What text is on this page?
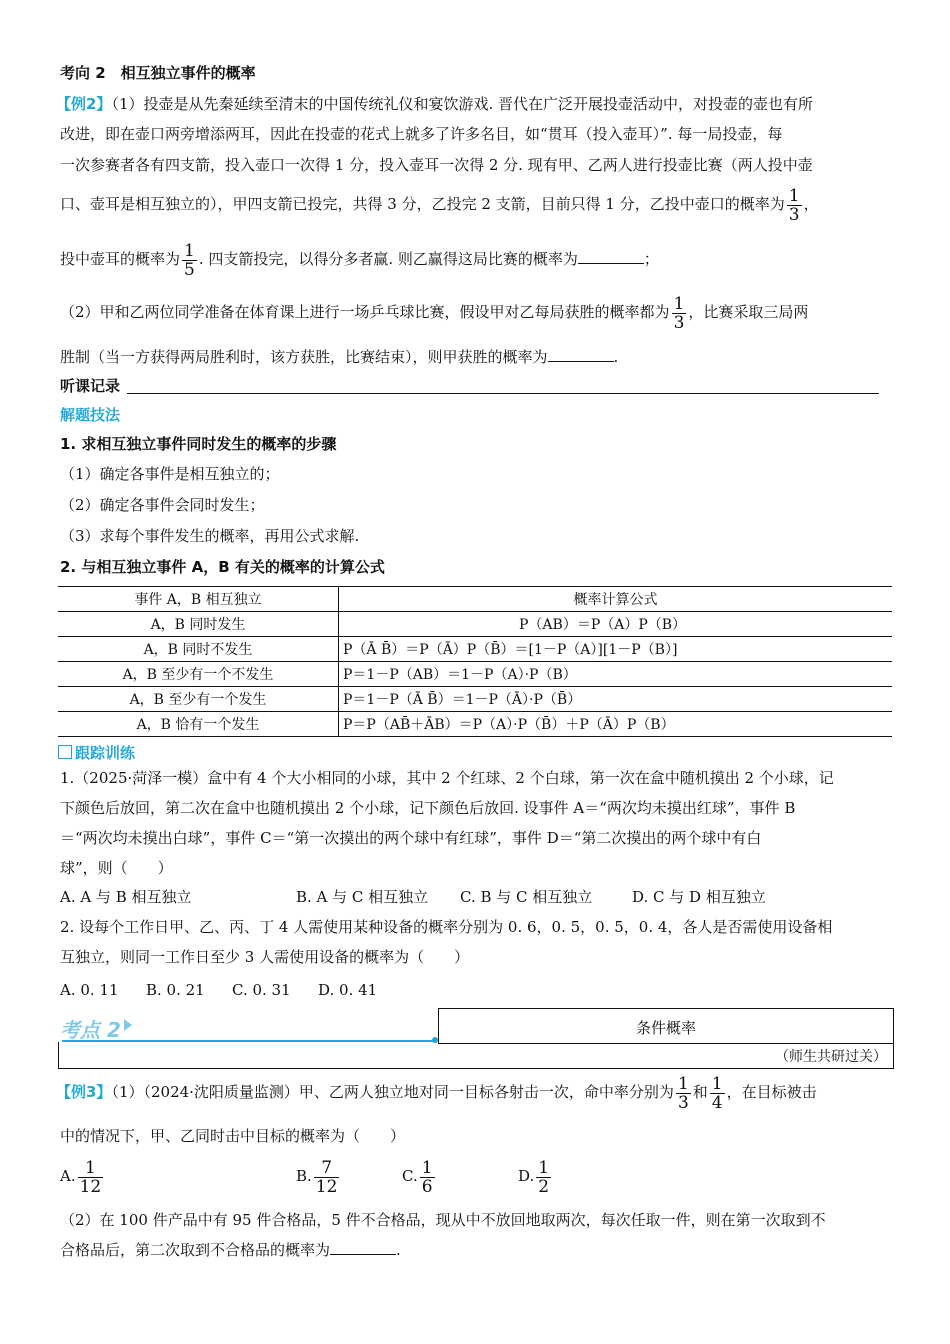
考向 2　相互独立事件的概率
【例2】（1）投壶是从先秦延续至清末的中国传统礼仪和宴饮游戏. 晋代在广泛开展投壶活动中，对投壶的壶也有所
改进，即在壶口两旁增添两耳，因此在投壶的花式上就多了许多名目，如“贯耳（投入壶耳）”. 每一局投壶，每
一次参赛者各有四支箭，投入壶口一次得 1 分，投入壶耳一次得 2 分. 现有甲、乙两人进行投壶比赛（两人投中壶
口、壶耳是相互独立的），甲四支箭已投完，共得 3 分，乙投完 2 支箭，目前只得 1 分，乙投中壶口的概率为 $\frac{1}{3}$ ，
投中壶耳的概率为 $\frac{1}{5}$ . 四支箭投完，以得分多者赢. 则乙赢得这局比赛的概率为	；
（2）甲和乙两位同学准备在体育课上进行一场乒乓球比赛，假设甲对乙每局获胜的概率都为 $\frac{1}{3}$ ，比赛采取三局两
胜制（当一方获得两局胜利时，该方获胜，比赛结束），则甲获胜的概率为	.
听课记录
解题技法
1. 求相互独立事件同时发生的概率的步骤
（1）确定各事件是相互独立的；
（2）确定各事件会同时发生；
（3）求每个事件发生的概率，再用公式求解.
2. 与相互独立事件 A，B 有关的概率的计算公式
事件 A，B 相互独立	概率计算公式
A，B 同时发生	P（AB）＝P（A）P（B）
A，B 同时不发生	P（Ā B̄）＝P（Ā）P（B̄）＝[1－P（A）][1－P（B）]
A，B 至少有一个不发生	P＝1－P（AB）＝1－P（A）·P（B）
A，B 至少有一个发生	P＝1－P（Ā B̄）＝1－P（Ā）·P（B̄）
A，B 恰有一个发生	P＝P（AB̄＋ĀB）＝P（A）·P（B̄）＋P（Ā）P（B）
跟踪训练
1.（2025·菏泽一模）盒中有 4 个大小相同的小球，其中 2 个红球、2 个白球，第一次在盒中随机摸出 2 个小球，记
下颜色后放回，第二次在盒中也随机摸出 2 个小球，记下颜色后放回. 设事件 A＝“两次均未摸出红球”，事件 B
＝“两次均未摸出白球”，事件 C＝“第一次摸出的两个球中有红球”，事件 D＝“第二次摸出的两个球中有白
球”，则（　　）
A. A 与 B 相互独立	B. A 与 C 相互独立 C. B 与 C 相互独立	D. C 与 D 相互独立
2. 设每个工作日甲、乙、丙、丁 4 人需使用某种设备的概率分别为 0. 6，0. 5，0. 5，0. 4，各人是否需使用设备相
互独立，则同一工作日至少 3 人需使用设备的概率为（　　）
A. 0. 11 B. 0. 21 C. 0. 31 D. 0. 41
考点 2	条件概率
（师生共研过关）
【例3】（1）（2024·沈阳质量监测）甲、乙两人独立地对同一目标各射击一次，命中率分别为 $\frac{1}{3}$ 和 $\frac{1}{4}$ ，在目标被击
中的情况下，甲、乙同时击中目标的概率为（　　）
A. $\frac{1}{12}$	B. $\frac{7}{12}$	C. $\frac{1}{6}$	D. $\frac{1}{2}$
（2）在 100 件产品中有 95 件合格品，5 件不合格品，现从中不放回地取两次，每次任取一件，则在第一次取到不
合格品后，第二次取到不合格品的概率为	.
